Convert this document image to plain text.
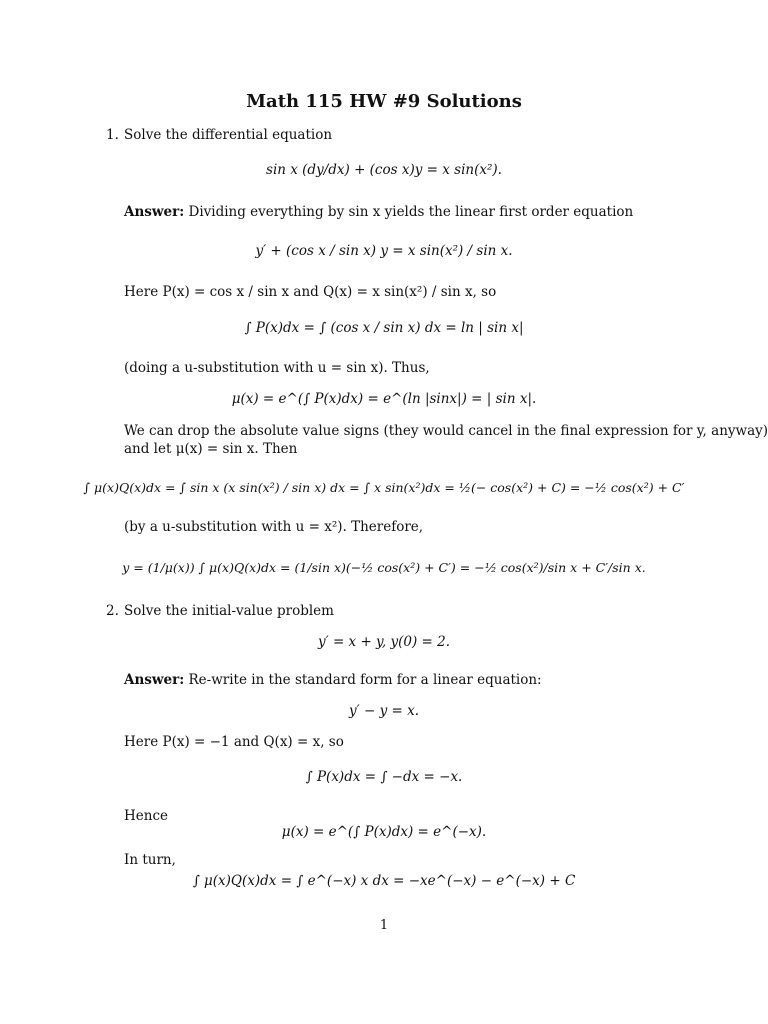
Math 115 HW #9 Solutions
1. Solve the differential equation
sin x (dy/dx) + (cos x)y = x sin(x²).
Answer: Dividing everything by sin x yields the linear first order equation
y′ + (cos x / sin x) y = x sin(x²) / sin x.
Here P(x) = cos x / sin x and Q(x) = x sin(x²) / sin x, so
∫ P(x)dx = ∫ (cos x / sin x) dx = ln | sin x|
(doing a u-substitution with u = sin x). Thus,
μ(x) = e^(∫ P(x)dx) = e^(ln |sinx|) = | sin x|.
We can drop the absolute value signs (they would cancel in the final expression for y, anyway)
and let μ(x) = sin x. Then
∫ μ(x)Q(x)dx = ∫ sin x (x sin(x²) / sin x) dx = ∫ x sin(x²)dx = ½(− cos(x²) + C) = −½ cos(x²) + C′
(by a u-substitution with u = x²). Therefore,
y = (1/μ(x)) ∫ μ(x)Q(x)dx = (1/sin x)(−½ cos(x²) + C′) = −½ cos(x²)/sin x + C′/sin x.
2. Solve the initial-value problem
y′ = x + y, y(0) = 2.
Answer: Re-write in the standard form for a linear equation:
y′ − y = x.
Here P(x) = −1 and Q(x) = x, so
∫ P(x)dx = ∫ −dx = −x.
Hence
μ(x) = e^(∫ P(x)dx) = e^(−x).
In turn,
∫ μ(x)Q(x)dx = ∫ e^(−x) x dx = −xe^(−x) − e^(−x) + C
1
